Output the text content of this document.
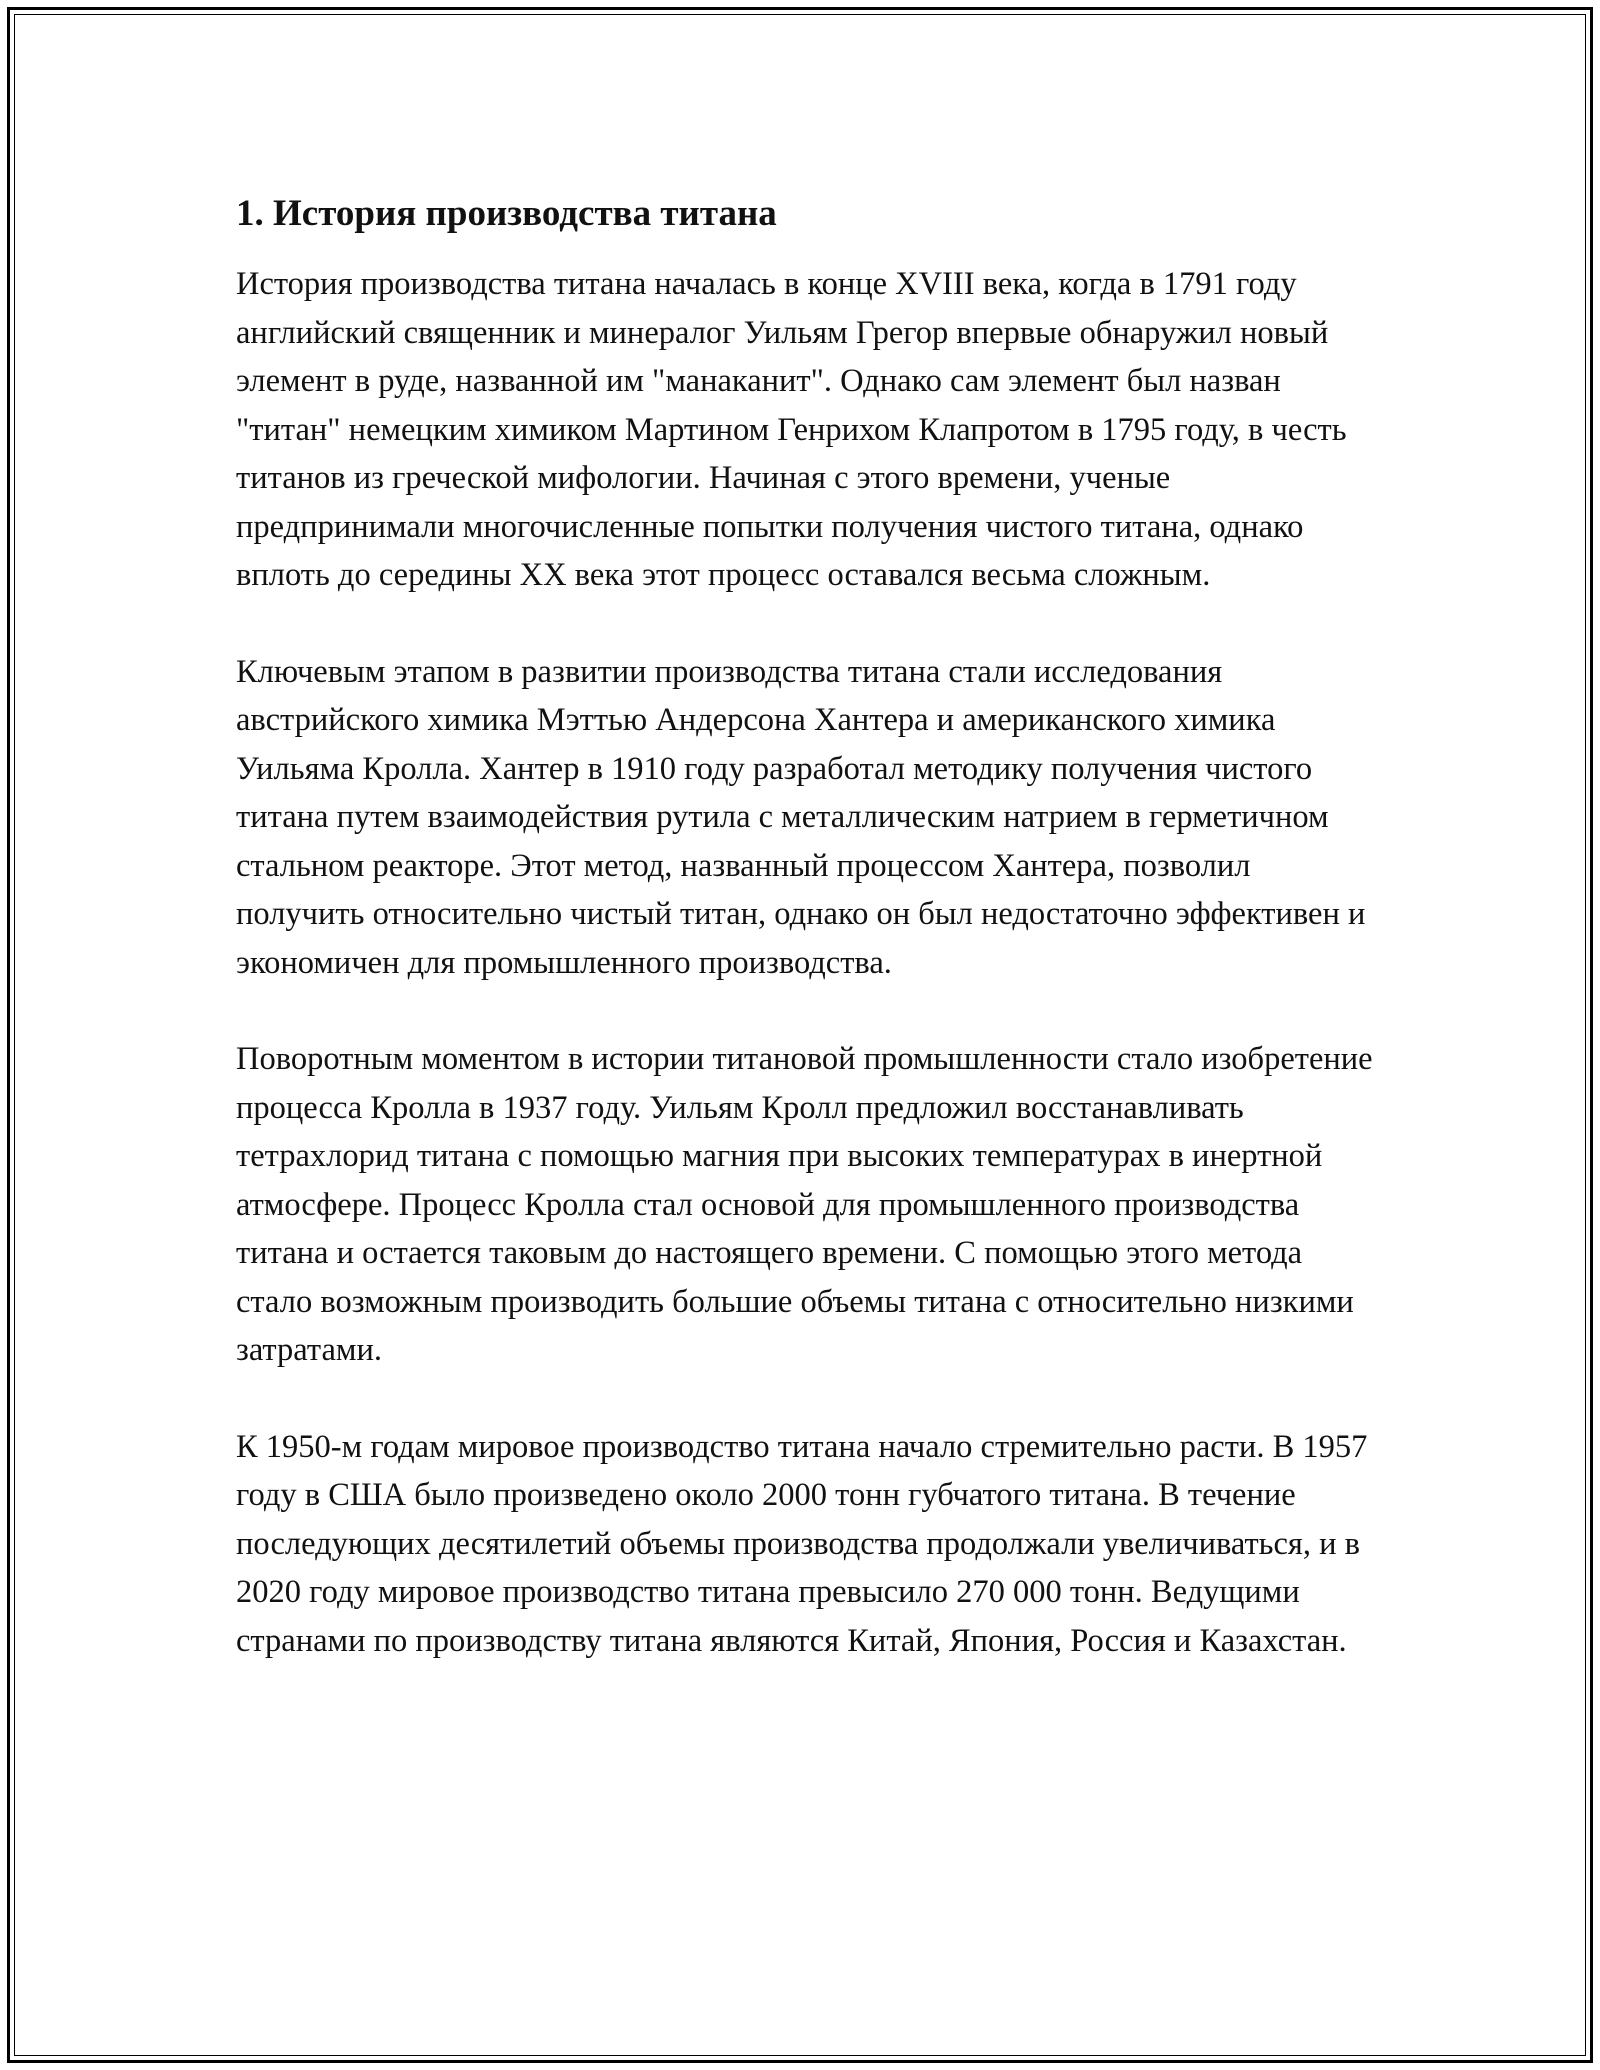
1. История производства титана

История производства титана началась в конце XVIII века, когда в 1791 году английский священник и минералог Уильям Грегор впервые обнаружил новый элемент в руде, названной им "манаканит". Однако сам элемент был назван "титан" немецким химиком Мартином Генрихом Клапротом в 1795 году, в честь титанов из греческой мифологии. Начиная с этого времени, ученые предпринимали многочисленные попытки получения чистого титана, однако вплоть до середины XX века этот процесс оставался весьма сложным.

Ключевым этапом в развитии производства титана стали исследования австрийского химика Мэттью Андерсона Хантера и американского химика Уильяма Кролла. Хантер в 1910 году разработал методику получения чистого титана путем взаимодействия рутила с металлическим натрием в герметичном стальном реакторе. Этот метод, названный процессом Хантера, позволил получить относительно чистый титан, однако он был недостаточно эффективен и экономичен для промышленного производства.

Поворотным моментом в истории титановой промышленности стало изобретение процесса Кролла в 1937 году. Уильям Кролл предложил восстанавливать тетрахлорид титана с помощью магния при высоких температурах в инертной атмосфере. Процесс Кролла стал основой для промышленного производства титана и остается таковым до настоящего времени. С помощью этого метода стало возможным производить большие объемы титана с относительно низкими затратами.

К 1950-м годам мировое производство титана начало стремительно расти. В 1957 году в США было произведено около 2000 тонн губчатого титана. В течение последующих десятилетий объемы производства продолжали увеличиваться, и в 2020 году мировое производство титана превысило 270 000 тонн. Ведущими странами по производству титана являются Китай, Япония, Россия и Казахстан.
